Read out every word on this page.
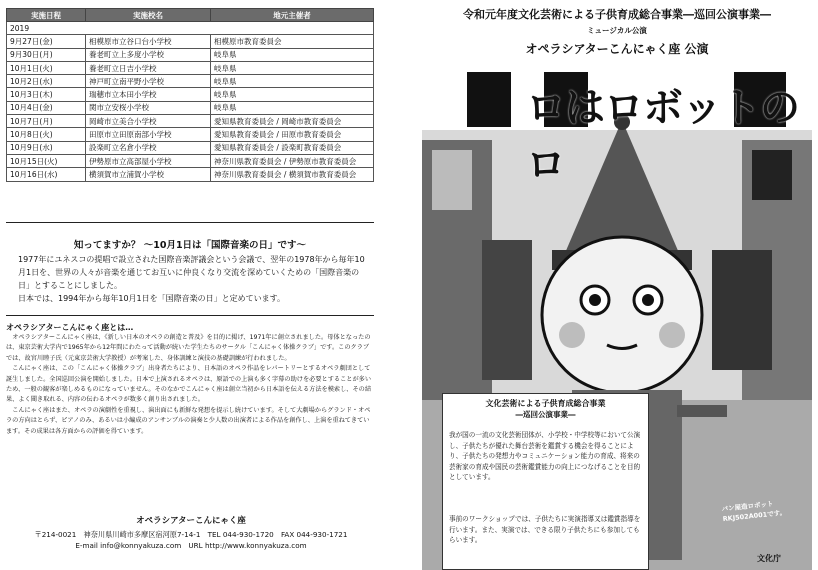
実施日程	実施校名	地元主催者
2019		
9月27日(金)	相模原市立谷口台小学校	相模原市教育委員会
9月30日(月)	養老町立上多度小学校	岐阜県
10月1日(火)	養老町立日吉小学校	岐阜県
10月2日(水)	神戸町立南平野小学校	岐阜県
10月3日(木)	瑞穂市立本田小学校	岐阜県
10月4日(金)	関市立安桜小学校	岐阜県
10月7日(月)	岡崎市立美合小学校	愛知県教育委員会 / 岡崎市教育委員会
10月8日(火)	田原市立田原南部小学校	愛知県教育委員会 / 田原市教育委員会
10月9日(水)	設楽町立名倉小学校	愛知県教育委員会 / 設楽町教育委員会
10月15日(火)	伊勢原市立高部屋小学校	神奈川県教育委員会 / 伊勢原市教育委員会
10月16日(水)	横須賀市立浦賀小学校	神奈川県教育委員会 / 横須賀市教育委員会
知ってますか？ 〜10月1日は「国際音楽の日」です〜

1977年にユネスコの提唱で設立された国際音楽評議会という会議で、翌年の1978年から毎年10月1日を、世界の人々が音楽を通じてお互いに仲良くなり交流を深めていくための「国際音楽の日」とすることにしました。

日本では、1994年から毎年10月1日を「国際音楽の日」と定めています。

オペラシアターこんにゃく座とは…

オペラシアターこんにゃく座は、《新しい日本のオペラの創造と普及》を目的に掲げ、1971年に創立されました。母体となったのは、東京芸術大学内で1965年から12年間にわたって活動が続いた学生たちのサークル「こんにゃく体操クラブ」です。このクラブでは、故宮川睦子氏（元東京芸術大学教授）が考案した、身体訓練と演技の基礎訓練が行われました。

こんにゃく座は、この「こんにゃく体操クラブ」出身者たちにより、日本語のオペラ作品をレパートリーとするオペラ劇団として誕生しました。全国巡回公演を開始しました。日本で上演されるオペラは、原語での上演も多く字幕の助けを必要とすることが多いため、一般の観客が楽しめるものになっていません。そのなかでこんにゃく座は創立当初から日本語を伝える方法を模索し、その結果、よく聞き取れる、内容の伝わるオペラが数多く創り出されました。

こんにゃく座はまた、オペラの演劇性を重視し、演出面にも新鮮な発想を提示し続けています。そして大劇場からグランド・オペラの方向はとらず、ピアノのみ、あるいは小編成のアンサンブルの演奏と少人数の出演者による作品を創作し、上演を重ねてきています。その成果は各方面からの評価を得ています。

オペラシアターこんにゃく座
〒214-0021　神奈川県川崎市多摩区宿河原7-14-1　TEL 044-930-1720　FAX 044-930-1721
E-mail info@konnyakuza.com　URL http://www.konnyakuza.com
令和元年度文化芸術による子供育成総合事業―巡回公演事業―
ミュージカル公演
オペラシアターこんにゃく座 公演
ロはロボットのロ
文化芸術による子供育成総合事業
―巡回公演事業―

我が国の一流の文化芸術団体が、小学校・中学校等において公演し、子供たちが優れた舞台芸術を鑑賞する機会を得ることにより、子供たちの発想力やコミュニケーション能力の育成、将来の芸術家の育成や国民の芸術鑑賞能力の向上につなげることを目的としています。

事前のワークショップでは、子供たちに実演指導又は鑑賞指導を行います。また、実演では、できる限り子供たちにも参加してもらいます。

パン屋造ロボットRKJ502A001です。
文化庁
